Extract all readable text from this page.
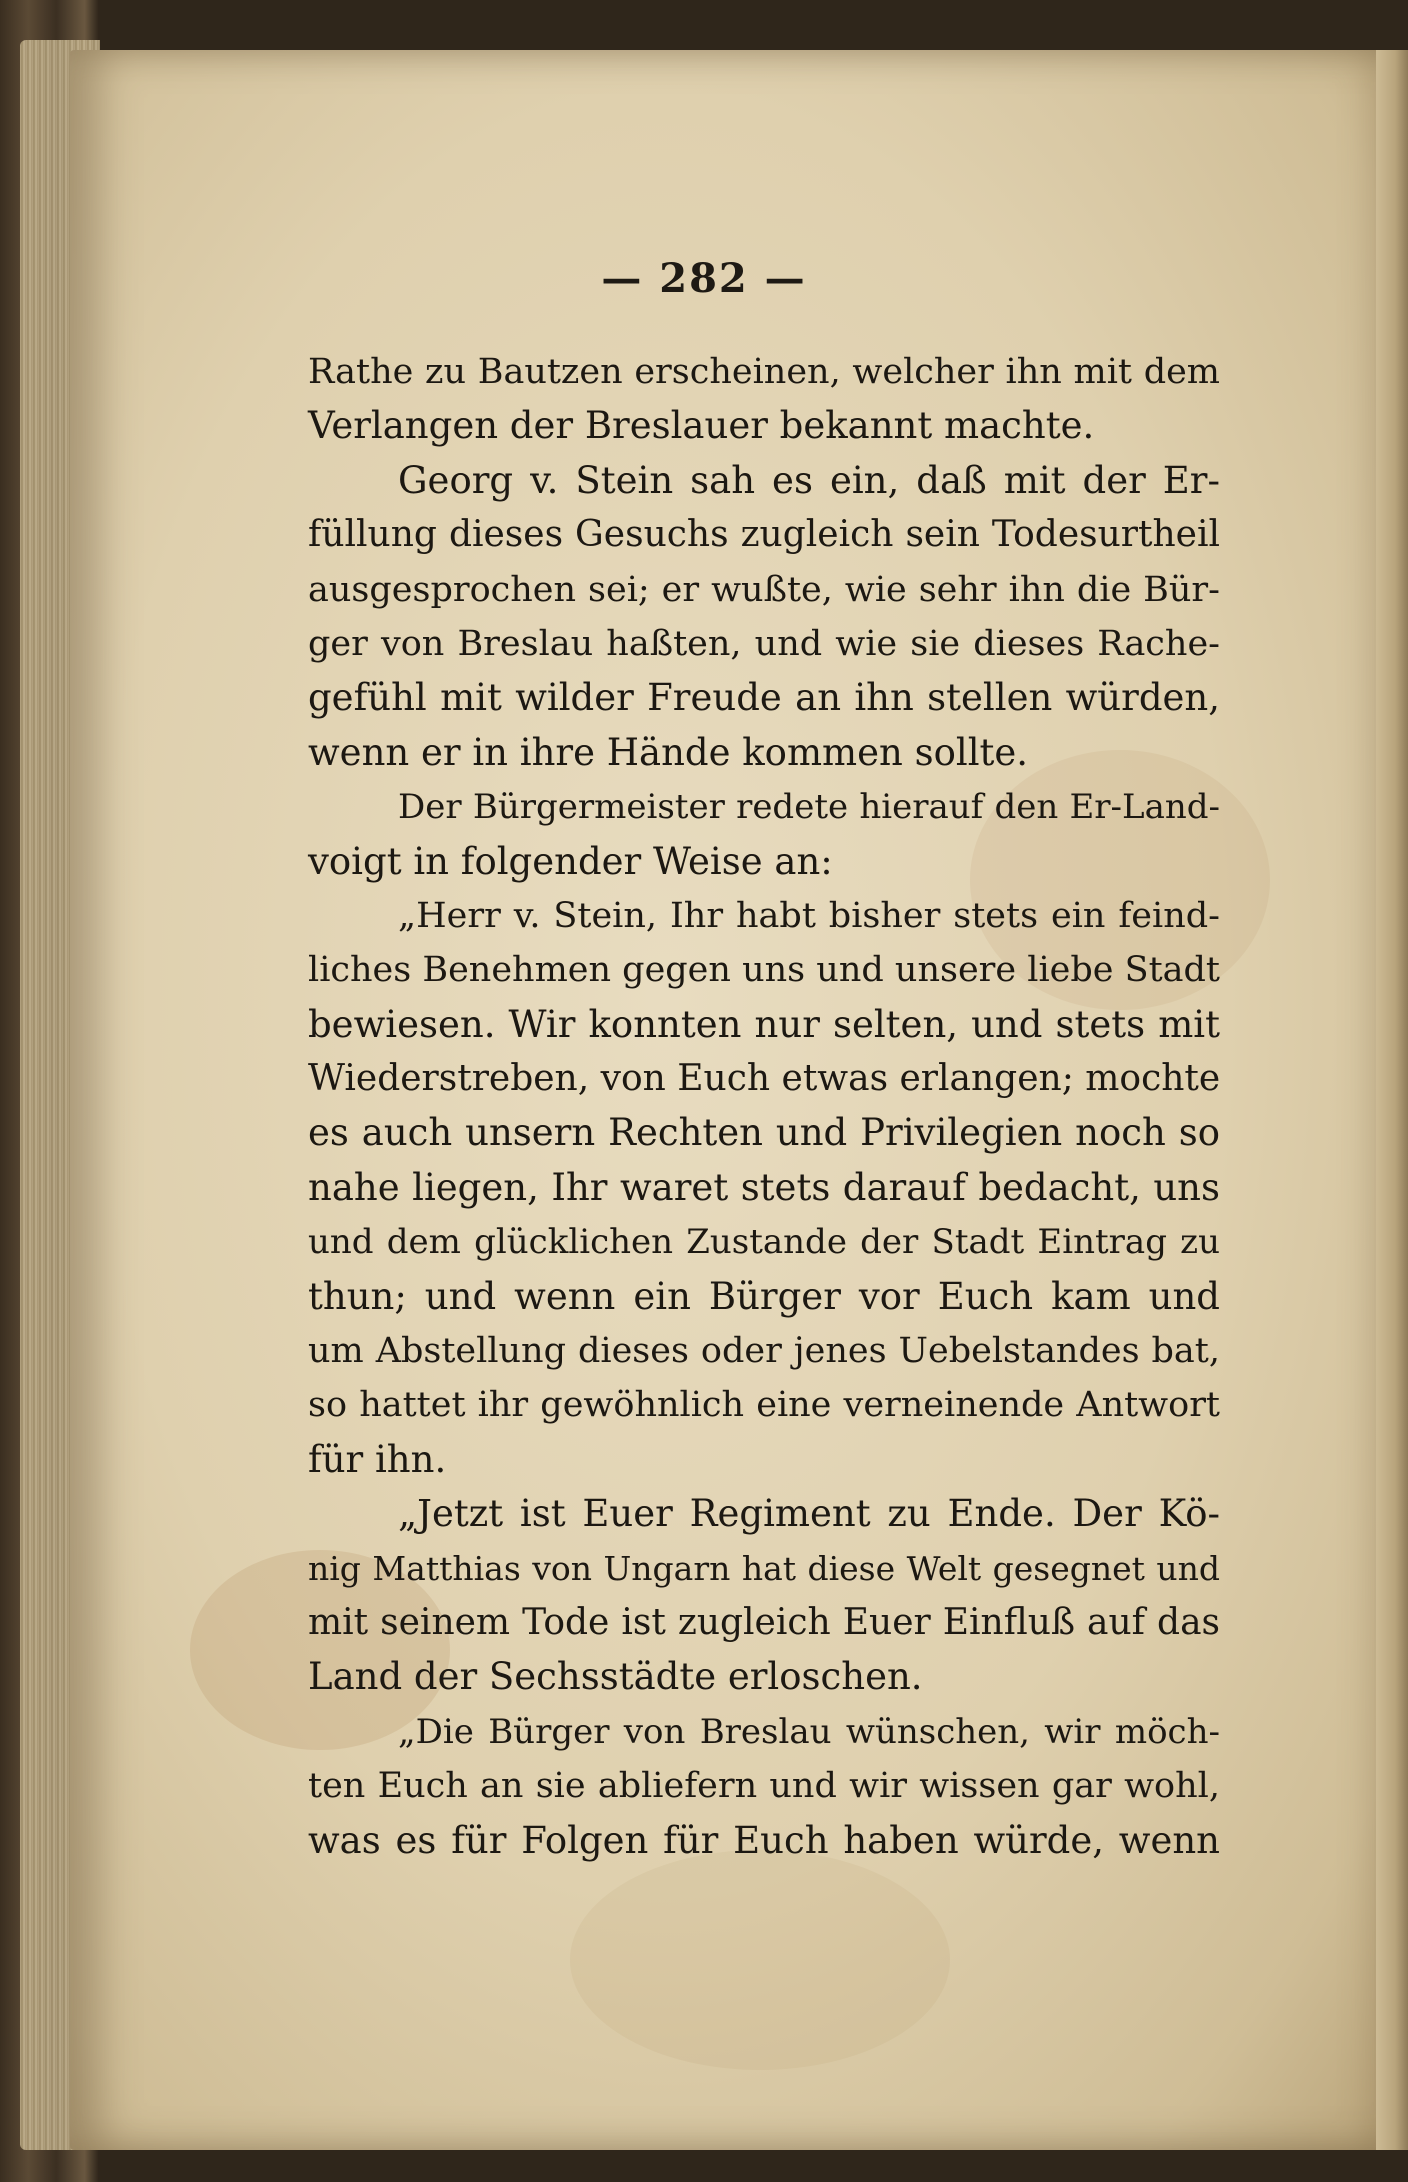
— 282 —
Rathe zu Bautzen erscheinen, welcher ihn mit dem
Verlangen der Breslauer bekannt machte.
Georg v. Stein sah es ein, daß mit der Er-
füllung dieses Gesuchs zugleich sein Todesurtheil
ausgesprochen sei; er wußte, wie sehr ihn die Bür-
ger von Breslau haßten, und wie sie dieses Rache-
gefühl mit wilder Freude an ihn stellen würden,
wenn er in ihre Hände kommen sollte.
Der Bürgermeister redete hierauf den Er-Land-
voigt in folgender Weise an:
„Herr v. Stein, Ihr habt bisher stets ein feind-
liches Benehmen gegen uns und unsere liebe Stadt
bewiesen. Wir konnten nur selten, und stets mit
Wiederstreben, von Euch etwas erlangen; mochte
es auch unsern Rechten und Privilegien noch so
nahe liegen, Ihr waret stets darauf bedacht, uns
und dem glücklichen Zustande der Stadt Eintrag zu
thun; und wenn ein Bürger vor Euch kam und
um Abstellung dieses oder jenes Uebelstandes bat,
so hattet ihr gewöhnlich eine verneinende Antwort
für ihn.
„Jetzt ist Euer Regiment zu Ende. Der Kö-
nig Matthias von Ungarn hat diese Welt gesegnet und
mit seinem Tode ist zugleich Euer Einfluß auf das
Land der Sechsstädte erloschen.
„Die Bürger von Breslau wünschen, wir möch-
ten Euch an sie abliefern und wir wissen gar wohl,
was es für Folgen für Euch haben würde, wenn
